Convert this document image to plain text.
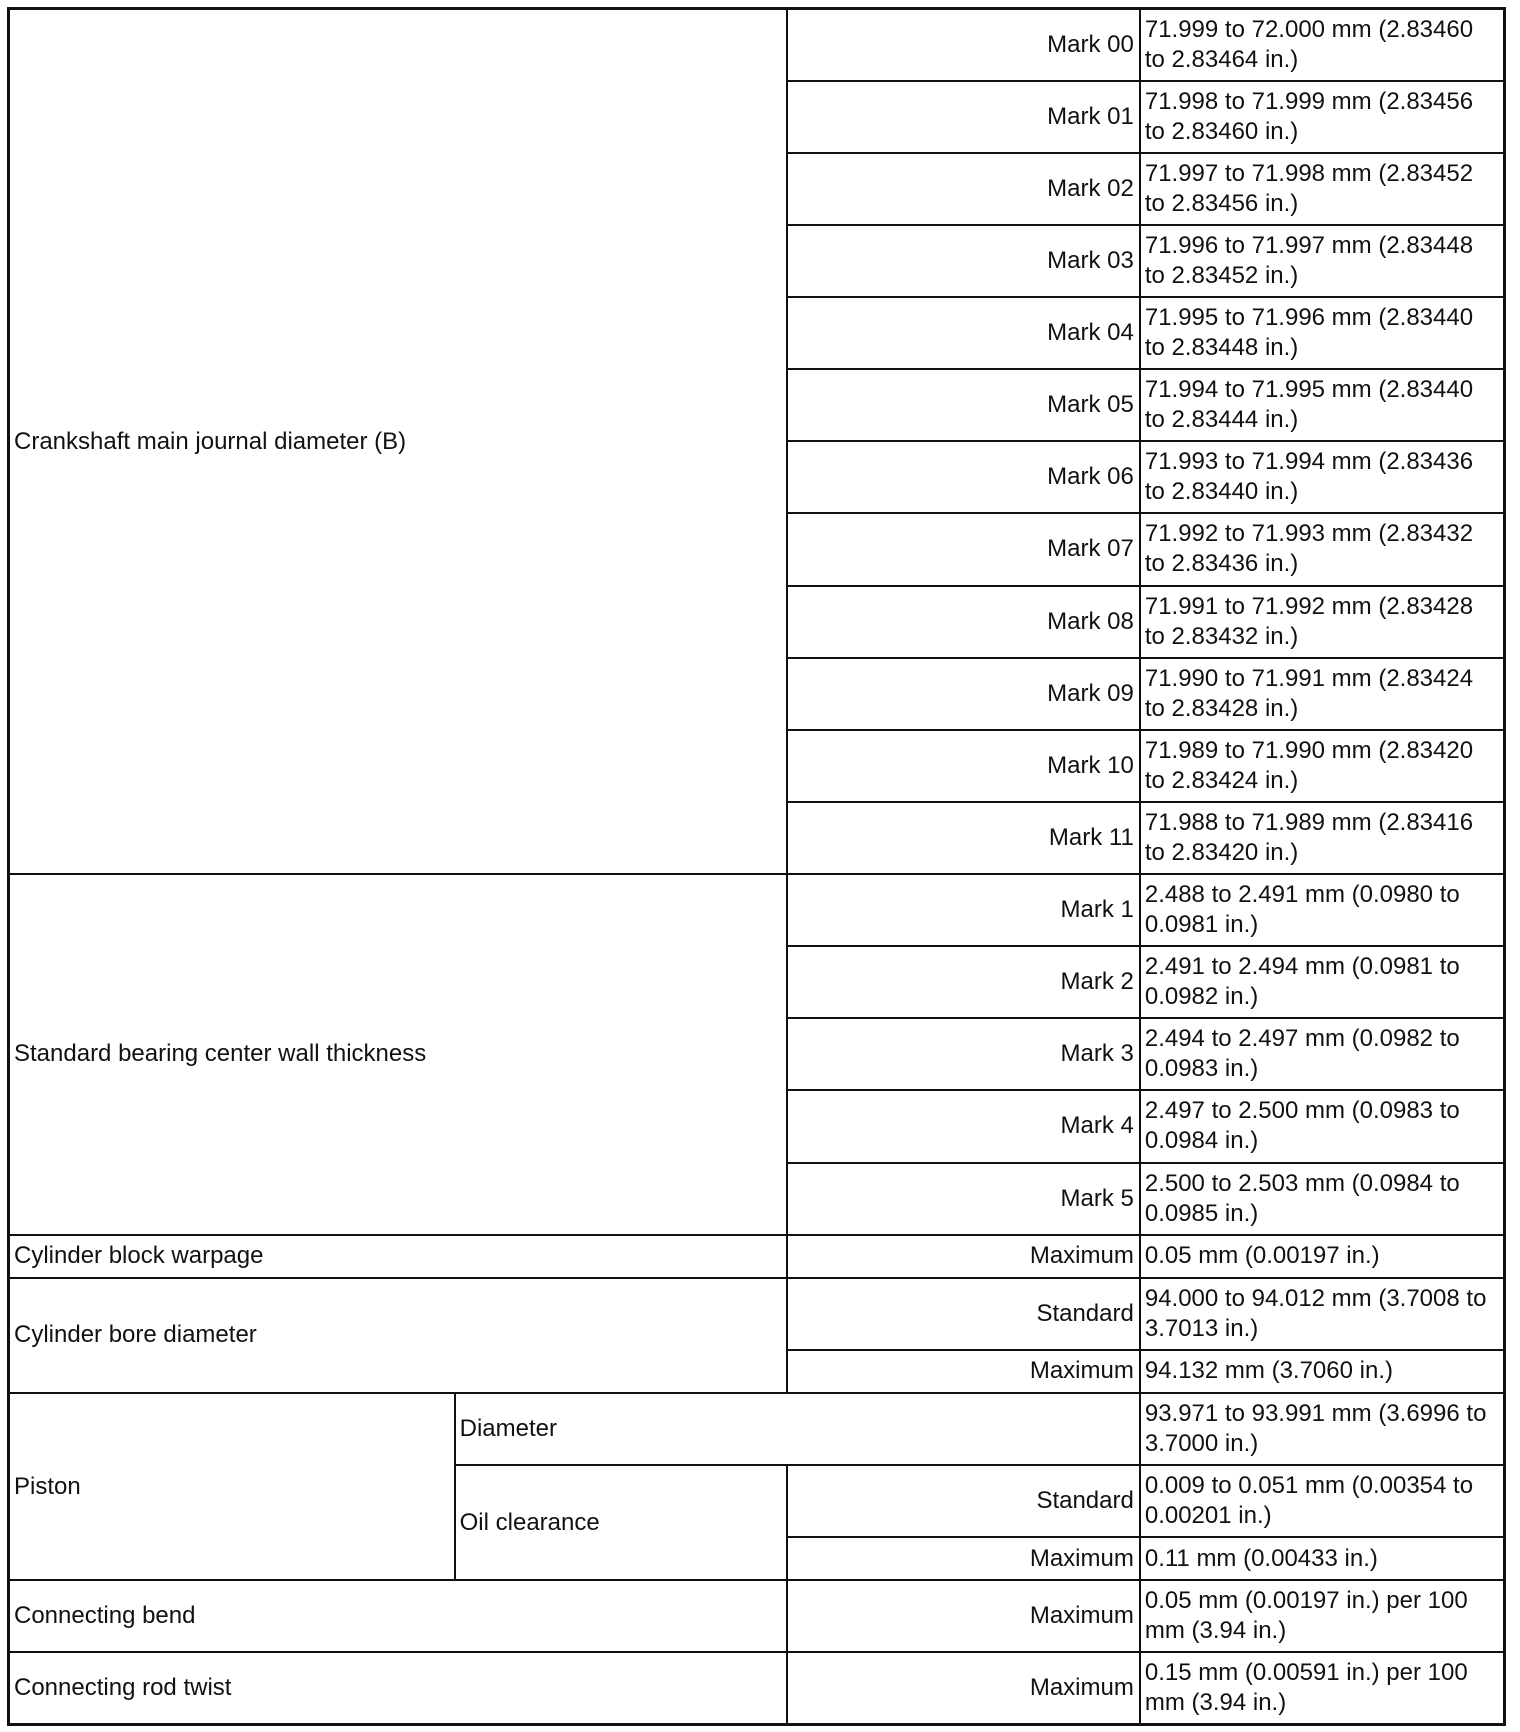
Crankshaft main journal diameter (B)		Mark 00	71.999 to 72.000 mm (2.83460 to 2.83464 in.)
		Mark 01	71.998 to 71.999 mm (2.83456 to 2.83460 in.)
		Mark 02	71.997 to 71.998 mm (2.83452 to 2.83456 in.)
		Mark 03	71.996 to 71.997 mm (2.83448 to 2.83452 in.)
		Mark 04	71.995 to 71.996 mm (2.83440 to 2.83448 in.)
		Mark 05	71.994 to 71.995 mm (2.83440 to 2.83444 in.)
		Mark 06	71.993 to 71.994 mm (2.83436 to 2.83440 in.)
		Mark 07	71.992 to 71.993 mm (2.83432 to 2.83436 in.)
		Mark 08	71.991 to 71.992 mm (2.83428 to 2.83432 in.)
		Mark 09	71.990 to 71.991 mm (2.83424 to 2.83428 in.)
		Mark 10	71.989 to 71.990 mm (2.83420 to 2.83424 in.)
		Mark 11	71.988 to 71.989 mm (2.83416 to 2.83420 in.)
Standard bearing center wall thickness		Mark 1	2.488 to 2.491 mm (0.0980 to 0.0981 in.)
		Mark 2	2.491 to 2.494 mm (0.0981 to 0.0982 in.)
		Mark 3	2.494 to 2.497 mm (0.0982 to 0.0983 in.)
		Mark 4	2.497 to 2.500 mm (0.0983 to 0.0984 in.)
		Mark 5	2.500 to 2.503 mm (0.0984 to 0.0985 in.)
Cylinder block warpage		Maximum	0.05 mm (0.00197 in.)
Cylinder bore diameter		Standard	94.000 to 94.012 mm (3.7008 to 3.7013 in.)
		Maximum	94.132 mm (3.7060 in.)
Piston	Diameter		93.971 to 93.991 mm (3.6996 to 3.7000 in.)
	Oil clearance	Standard	0.009 to 0.051 mm (0.00354 to 0.00201 in.)
		Maximum	0.11 mm (0.00433 in.)
Connecting bend		Maximum	0.05 mm (0.00197 in.) per 100 mm (3.94 in.)
Connecting rod twist		Maximum	0.15 mm (0.00591 in.) per 100 mm (3.94 in.)
